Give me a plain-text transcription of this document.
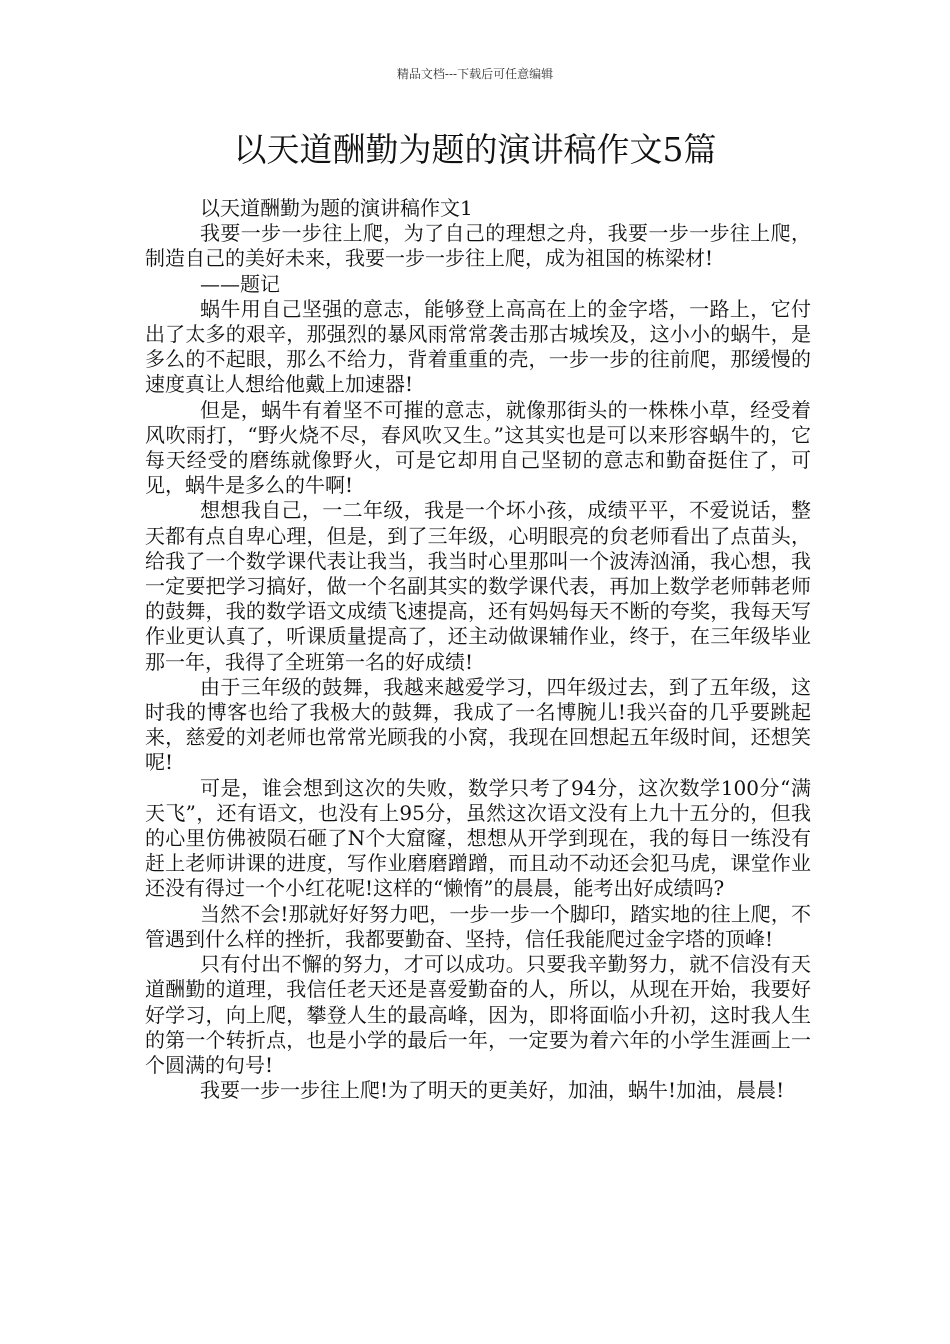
精品文档---下载后可任意编辑
以天道酬勤为题的演讲稿作文5篇

以天道酬勤为题的演讲稿作文1

我要一步一步往上爬，为了自己的理想之舟，我要一步一步往上爬，制造自己的美好未来，我要一步一步往上爬，成为祖国的栋梁材!

——题记

蜗牛用自己坚强的意志，能够登上高高在上的金字塔，一路上，它付出了太多的艰辛，那强烈的暴风雨常常袭击那古城埃及，这小小的蜗牛，是多么的不起眼，那么不给力，背着重重的壳，一步一步的往前爬，那缓慢的速度真让人想给他戴上加速器!

但是，蜗牛有着坚不可摧的意志，就像那街头的一株株小草，经受着风吹雨打，“野火烧不尽，春风吹又生。”这其实也是可以来形容蜗牛的，它每天经受的磨练就像野火，可是它却用自己坚韧的意志和勤奋挺住了，可见，蜗牛是多么的牛啊!

想想我自己，一二年级，我是一个坏小孩，成绩平平，不爱说话，整天都有点自卑心理，但是，到了三年级，心明眼亮的贠老师看出了点苗头，给我了一个数学课代表让我当，我当时心里那叫一个波涛汹涌，我心想，我一定要把学习搞好，做一个名副其实的数学课代表，再加上数学老师韩老师的鼓舞，我的数学语文成绩飞速提高，还有妈妈每天不断的夸奖，我每天写作业更认真了，听课质量提高了，还主动做课辅作业，终于，在三年级毕业那一年，我得了全班第一名的好成绩!

由于三年级的鼓舞，我越来越爱学习，四年级过去，到了五年级，这时我的博客也给了我极大的鼓舞，我成了一名博腕儿!我兴奋的几乎要跳起来，慈爱的刘老师也常常光顾我的小窝，我现在回想起五年级时间，还想笑呢!

可是，谁会想到这次的失败，数学只考了94分，这次数学100分“满天飞”，还有语文，也没有上95分，虽然这次语文没有上九十五分的，但我的心里仿佛被陨石砸了N个大窟窿，想想从开学到现在，我的每日一练没有赶上老师讲课的进度，写作业磨磨蹭蹭，而且动不动还会犯马虎，课堂作业还没有得过一个小红花呢!这样的“懒惰”的晨晨，能考出好成绩吗?

当然不会!那就好好努力吧，一步一步一个脚印，踏实地的往上爬，不管遇到什么样的挫折，我都要勤奋、坚持，信任我能爬过金字塔的顶峰!

只有付出不懈的努力，才可以成功。只要我辛勤努力，就不信没有天道酬勤的道理，我信任老天还是喜爱勤奋的人，所以，从现在开始，我要好好学习，向上爬，攀登人生的最高峰，因为，即将面临小升初，这时我人生的第一个转折点，也是小学的最后一年，一定要为着六年的小学生涯画上一个圆满的句号!

我要一步一步往上爬!为了明天的更美好，加油，蜗牛!加油，晨晨!
